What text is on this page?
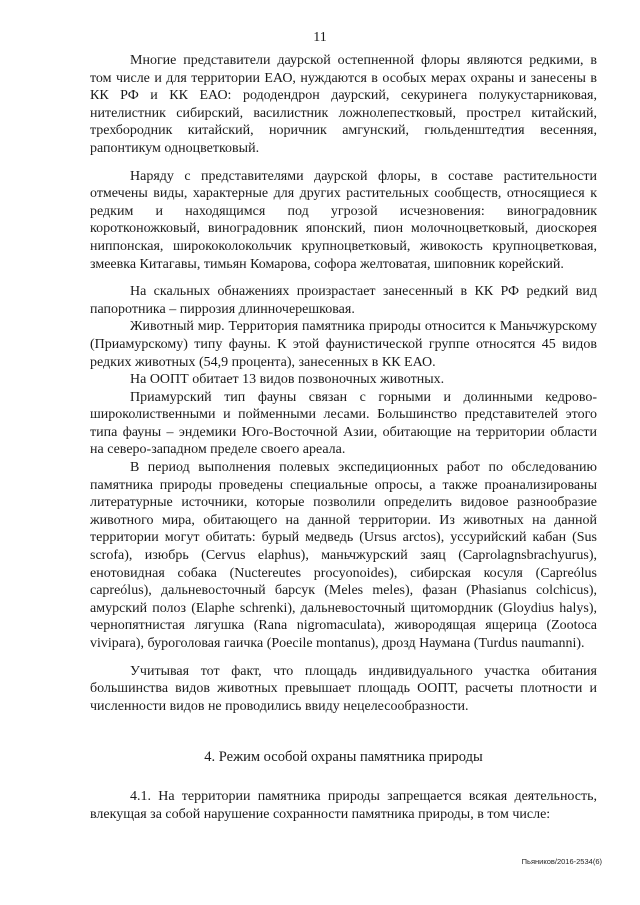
11

Многие представители даурской остепненной флоры являются редкими, в том числе и для территории ЕАО, нуждаются в особых мерах охраны и занесены в КК РФ и КК ЕАО: рододендрон даурский, секуринега полукустарниковая, нителистник сибирский, василистник ложнолепестковый, прострел китайский, трехбородник китайский, норичник амгунский, гюльденштедтия весенняя, рапонтикум одноцветковый.

Наряду с представителями даурской флоры, в составе растительности отмечены виды, характерные для других растительных сообществ, относящиеся к редким и находящимся под угрозой исчезновения: виноградовник коротконожковый, виноградовник японский, пион молочноцветковый, диоскорея ниппонская, ширококолокольчик крупноцветковый, живокость крупноцветковая, змеевка Китагавы, тимьян Комарова, софора желтоватая, шиповник корейский.

На скальных обнажениях произрастает занесенный в КК РФ редкий вид папоротника – пиррозия длинночерешковая.

Животный мир. Территория памятника природы относится к Маньчжурскому (Приамурскому) типу фауны. К этой фаунистической группе относятся 45 видов редких животных (54,9 процента), занесенных в КК ЕАО.

На ООПТ обитает 13 видов позвоночных животных.

Приамурский тип фауны связан с горными и долинными кедрово-широколиственными и пойменными лесами. Большинство представителей этого типа фауны – эндемики Юго-Восточной Азии, обитающие на территории области на северо-западном пределе своего ареала.

В период выполнения полевых экспедиционных работ по обследованию памятника природы проведены специальные опросы, а также проанализированы литературные источники, которые позволили определить видовое разнообразие животного мира, обитающего на данной территории. Из животных на данной территории могут обитать: бурый медведь (Ursus arctos), уссурийский кабан (Sus scrofa), изюбрь (Cervus elaphus), маньчжурский заяц (Caprolagnsbrachyurus), енотовидная собака (Nuctereutes procyonoides), сибирская косуля (Capreólus capreólus), дальневосточный барсук (Meles meles), фазан (Phasianus colchicus), амурский полоз (Elaphe schrenki), дальневосточный щитомордник (Gloydius halys), чернопятнистая лягушка (Rana nigromaculata), живородящая ящерица (Zootoca vivipara), буроголовая гаичка (Poecile montanus), дрозд Наумана (Turdus naumanni).

Учитывая тот факт, что площадь индивидуального участка обитания большинства видов животных превышает площадь ООПТ, расчеты плотности и численности видов не проводились ввиду нецелесообразности.

4. Режим особой охраны памятника природы

4.1. На территории памятника природы запрещается всякая деятельность, влекущая за собой нарушение сохранности памятника природы, в том числе:

Пьяников/2016-2534(6)
